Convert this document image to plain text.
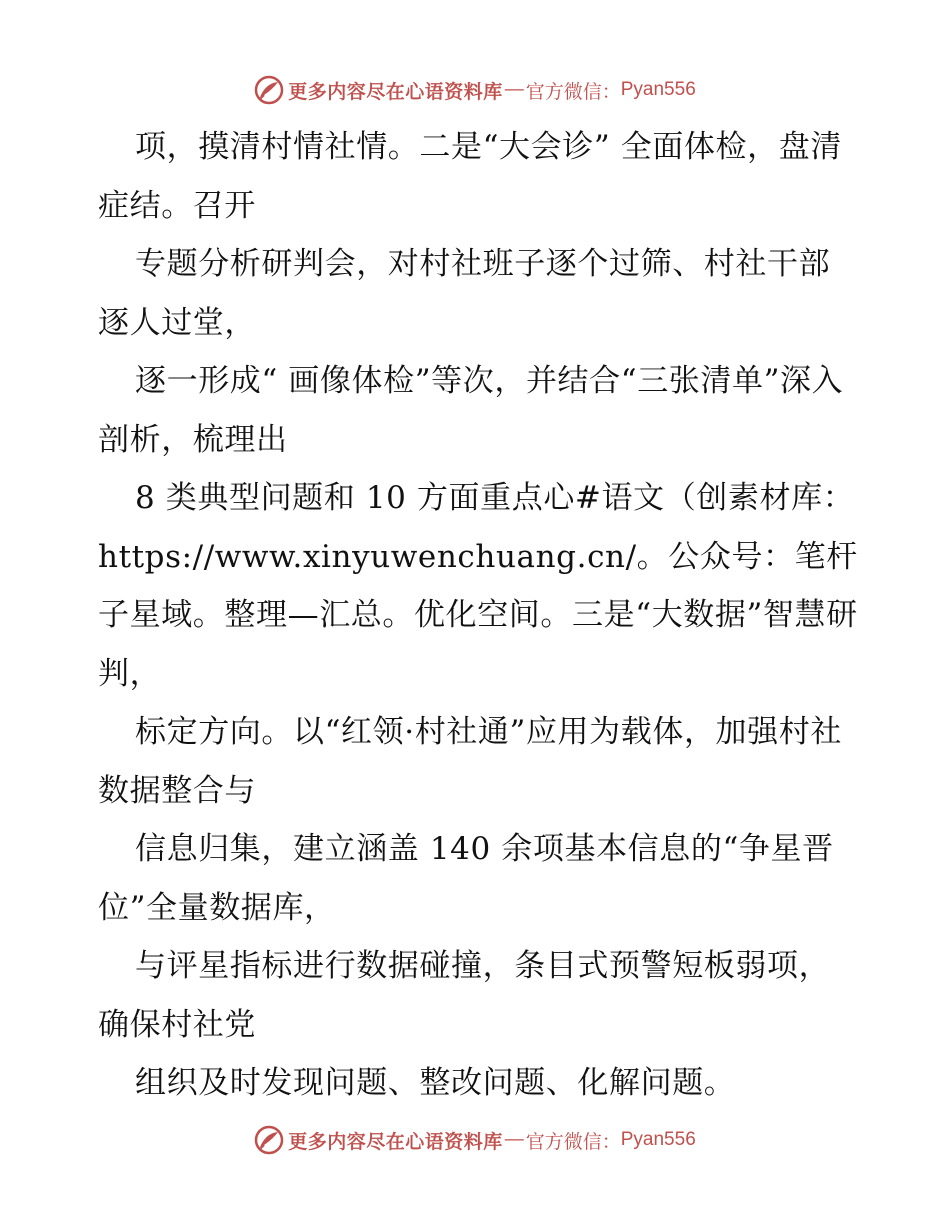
更多内容尽在心语资料库 — 官方微信： Pyan556

项，摸清村情社情。二是“大会诊” 全面体检，盘清症结。召开

专题分析研判会，对村社班子逐个过筛、村社干部逐人过堂，

逐一形成“ 画像体检”等次，并结合“三张清单”深入剖析，梳理出

8 类典型问题和 10 方面重点心#语文（创素材库：https://www.xinyuwenchuang.cn/。公众号：笔杆子星域。整理—汇总。优化空间。三是“大数据”智慧研判，

标定方向。以“红领·村社通”应用为载体，加强村社数据整合与

信息归集，建立涵盖 140 余项基本信息的“争星晋位”全量数据库，

与评星指标进行数据碰撞，条目式预警短板弱项，确保村社党

组织及时发现问题、整改问题、化解问题。

更多内容尽在心语资料库 — 官方微信： Pyan556
